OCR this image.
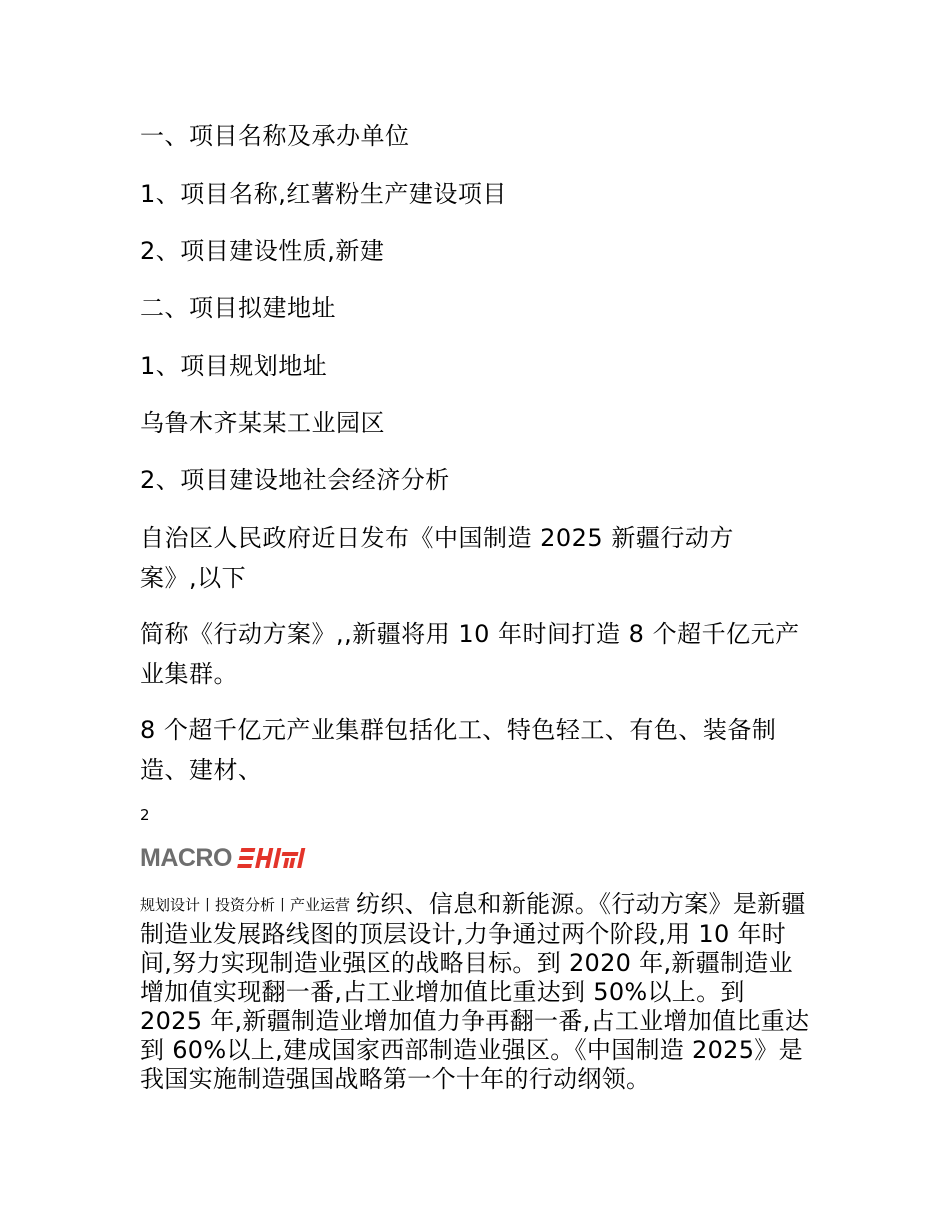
一、项目名称及承办单位
1、项目名称,红薯粉生产建设项目
2、项目建设性质,新建
二、项目拟建地址
1、项目规划地址
乌鲁木齐某某工业园区
2、项目建设地社会经济分析
自治区人民政府近日发布《中国制造 2025 新疆行动方案》,以下
简称《行动方案》,,新疆将用 10 年时间打造 8 个超千亿元产业集群。
8 个超千亿元产业集群包括化工、特色轻工、有色、装备制造、建材、
2
MACRO
规划设计丨投资分析丨产业运营 纺织、信息和新能源。《行动方案》是新疆制造业发展路线图的顶层设计,力争通过两个阶段,用 10 年时间,努力实现制造业强区的战略目标。到 2020 年,新疆制造业增加值实现翻一番,占工业增加值比重达到 50%以上。到 2025 年,新疆制造业增加值力争再翻一番,占工业增加值比重达到 60%以上,建成国家西部制造业强区。《中国制造 2025》是我国实施制造强国战略第一个十年的行动纲领。
